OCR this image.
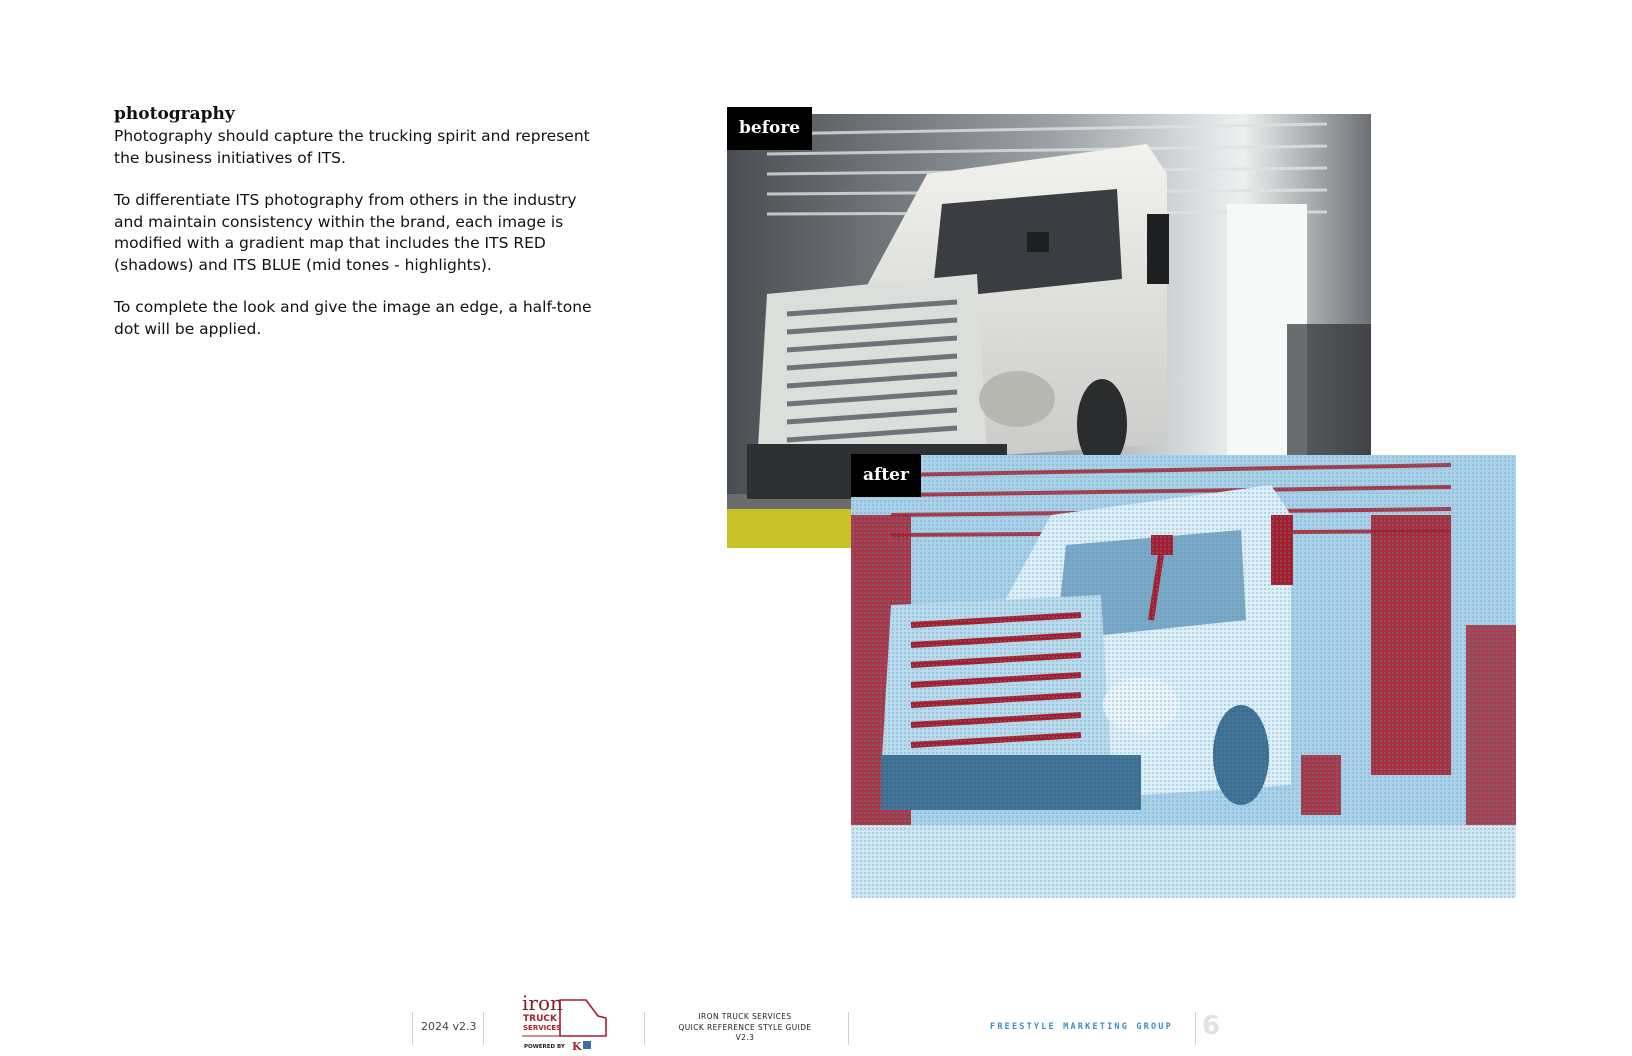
photography

Photography should capture the trucking spirit and represent the business initiatives of ITS.

To differentiate ITS photography from others in the industry and maintain consistency within the brand, each image is modified with a gradient map that includes the ITS RED (shadows) and ITS BLUE (mid tones - highlights).

To complete the look and give the image an edge, a half-tone dot will be applied.

before
after
2024 v2.3
iron
TRUCK
SERVICES
POWERED BY K
IRON TRUCK SERVICES
QUICK REFERENCE STYLE GUIDE
V2.3
FREESTYLE MARKETING GROUP 6
